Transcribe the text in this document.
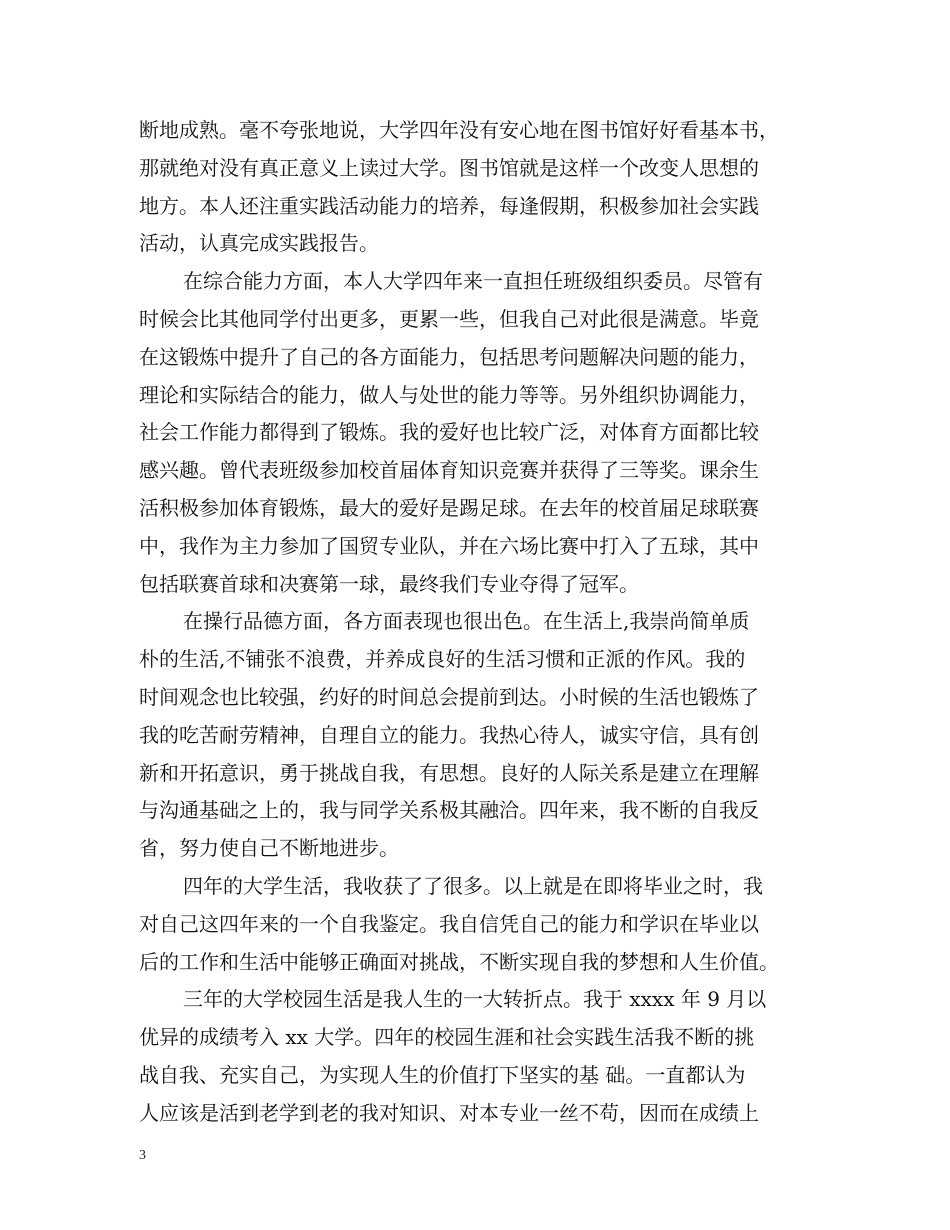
断地成熟。毫不夸张地说，大学四年没有安心地在图书馆好好看基本书，
那就绝对没有真正意义上读过大学。图书馆就是这样一个改变人思想的
地方。本人还注重实践活动能力的培养，每逢假期，积极参加社会实践
活动，认真完成实践报告。
在综合能力方面，本人大学四年来一直担任班级组织委员。尽管有
时候会比其他同学付出更多，更累一些，但我自己对此很是满意。毕竟
在这锻炼中提升了自己的各方面能力，包括思考问题解决问题的能力，
理论和实际结合的能力，做人与处世的能力等等。另外组织协调能力，
社会工作能力都得到了锻炼。我的爱好也比较广泛，对体育方面都比较
感兴趣。曾代表班级参加校首届体育知识竞赛并获得了三等奖。课余生
活积极参加体育锻炼，最大的爱好是踢足球。在去年的校首届足球联赛
中，我作为主力参加了国贸专业队，并在六场比赛中打入了五球，其中
包括联赛首球和决赛第一球，最终我们专业夺得了冠军。
在操行品德方面，各方面表现也很出色。在生活上,我崇尚简单质
朴的生活,不铺张不浪费，并养成良好的生活习惯和正派的作风。我的
时间观念也比较强，约好的时间总会提前到达。小时候的生活也锻炼了
我的吃苦耐劳精神，自理自立的能力。我热心待人，诚实守信，具有创
新和开拓意识，勇于挑战自我，有思想。良好的人际关系是建立在理解
与沟通基础之上的，我与同学关系极其融洽。四年来，我不断的自我反
省，努力使自己不断地进步。
四年的大学生活，我收获了了很多。以上就是在即将毕业之时，我
对自己这四年来的一个自我鉴定。我自信凭自己的能力和学识在毕业以
后的工作和生活中能够正确面对挑战，不断实现自我的梦想和人生价值。
三年的大学校园生活是我人生的一大转折点。我于 xxxx 年 9 月以
优异的成绩考入 xx 大学。四年的校园生涯和社会实践生活我不断的挑
战自我、充实自己，为实现人生的价值打下坚实的基 础。一直都认为
人应该是活到老学到老的我对知识、对本专业一丝不苟，因而在成绩上
3
